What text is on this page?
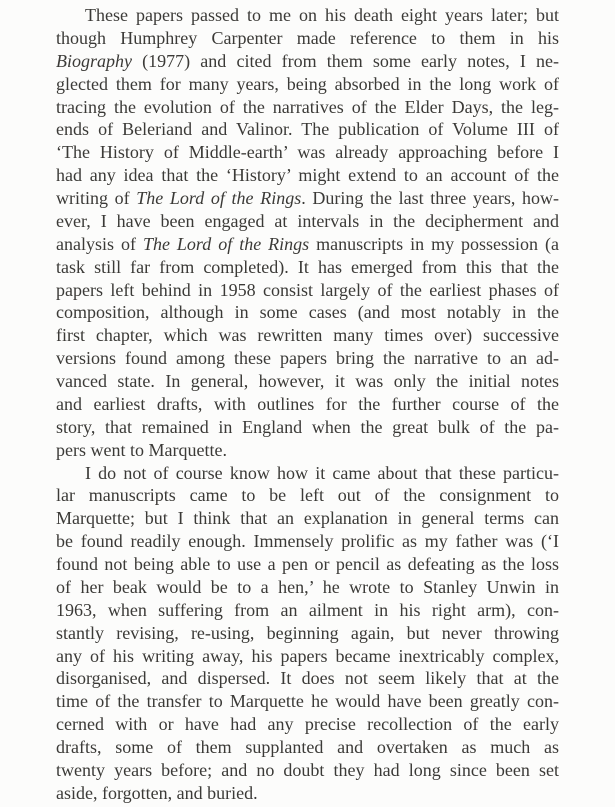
These papers passed to me on his death eight years later; but
though Humphrey Carpenter made reference to them in his
Biography (1977) and cited from them some early notes, I ne-
glected them for many years, being absorbed in the long work of
tracing the evolution of the narratives of the Elder Days, the leg-
ends of Beleriand and Valinor. The publication of Volume III of
‘The History of Middle-earth’ was already approaching before I
had any idea that the ‘History’ might extend to an account of the
writing of The Lord of the Rings. During the last three years, how-
ever, I have been engaged at intervals in the decipherment and
analysis of The Lord of the Rings manuscripts in my possession (a
task still far from completed). It has emerged from this that the
papers left behind in 1958 consist largely of the earliest phases of
composition, although in some cases (and most notably in the
first chapter, which was rewritten many times over) successive
versions found among these papers bring the narrative to an ad-
vanced state. In general, however, it was only the initial notes
and earliest drafts, with outlines for the further course of the
story, that remained in England when the great bulk of the pa-
pers went to Marquette.
I do not of course know how it came about that these particu-
lar manuscripts came to be left out of the consignment to
Marquette; but I think that an explanation in general terms can
be found readily enough. Immensely prolific as my father was (‘I
found not being able to use a pen or pencil as defeating as the loss
of her beak would be to a hen,’ he wrote to Stanley Unwin in
1963, when suffering from an ailment in his right arm), con-
stantly revising, re-using, beginning again, but never throwing
any of his writing away, his papers became inextricably complex,
disorganised, and dispersed. It does not seem likely that at the
time of the transfer to Marquette he would have been greatly con-
cerned with or have had any precise recollection of the early
drafts, some of them supplanted and overtaken as much as
twenty years before; and no doubt they had long since been set
aside, forgotten, and buried.
